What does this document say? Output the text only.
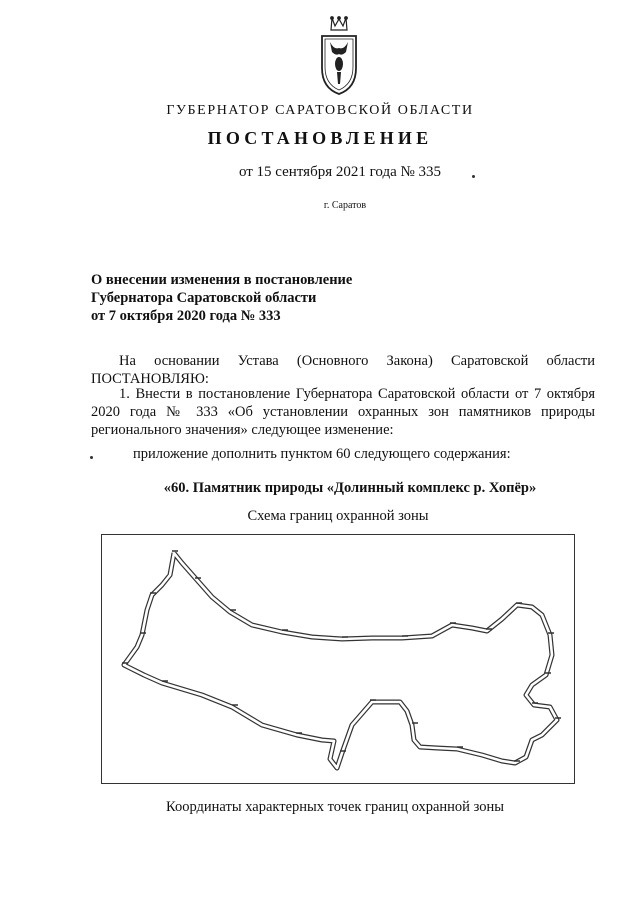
ГУБЕРНАТОР САРАТОВСКОЙ ОБЛАСТИ
ПОСТАНОВЛЕНИЕ
от 15 сентября 2021 года № 335
г. Саратов
О внесении изменения в постановление
Губернатора Саратовской области
от 7 октября 2020 года № 333
На основании Устава (Основного Закона) Саратовской области
ПОСТАНОВЛЯЮ:
1. Внести в постановление Губернатора Саратовской области от 7 октября 2020 года № 333 «Об установлении охранных зон памятников природы регионального значения» следующее изменение:
приложение дополнить пунктом 60 следующего содержания:
«60. Памятник природы «Долинный комплекс р. Хопёр»
Схема границ охранной зоны
Координаты характерных точек границ охранной зоны
